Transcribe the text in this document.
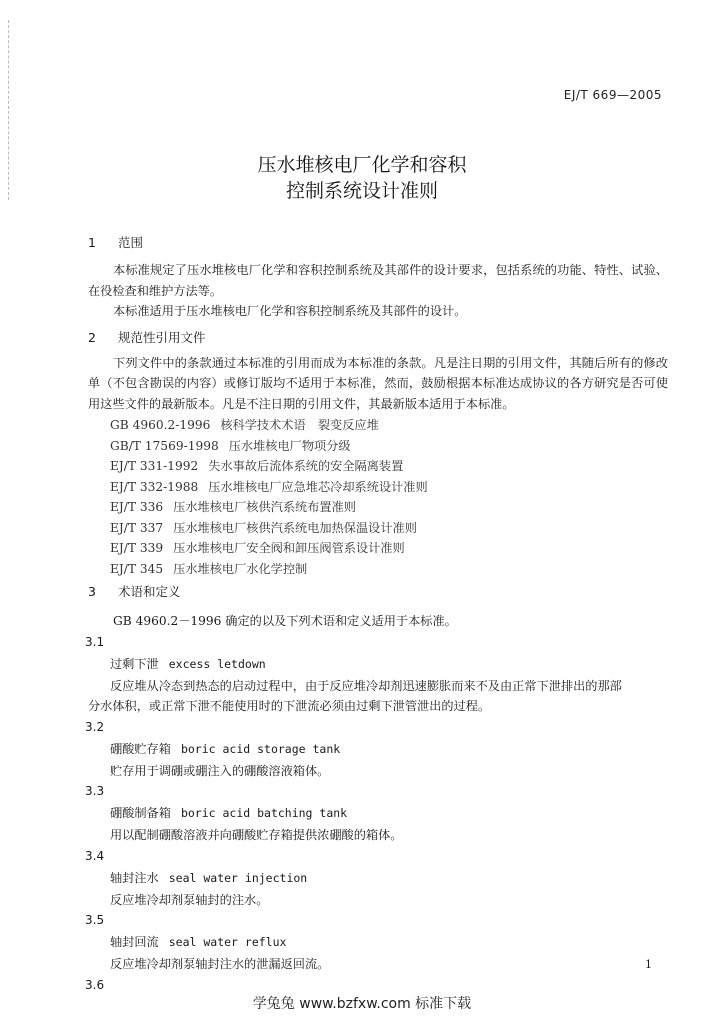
EJ/T 669—2005
压水堆核电厂化学和容积
控制系统设计准则

1 范围

本标准规定了压水堆核电厂化学和容积控制系统及其部件的设计要求，包括系统的功能、特性、试验、在役检查和维护方法等。

本标准适用于压水堆核电厂化学和容积控制系统及其部件的设计。

2 规范性引用文件

下列文件中的条款通过本标准的引用而成为本标准的条款。凡是注日期的引用文件，其随后所有的修改单（不包含勘误的内容）或修订版均不适用于本标准，然而，鼓励根据本标准达成协议的各方研究是否可使用这些文件的最新版本。凡是不注日期的引用文件，其最新版本适用于本标准。

GB 4960.2-1996 核科学技术术语　裂变反应堆

GB/T 17569-1998 压水堆核电厂物项分级

EJ/T 331-1992 失水事故后流体系统的安全隔离装置

EJ/T 332-1988 压水堆核电厂应急堆芯冷却系统设计准则

EJ/T 336 压水堆核电厂核供汽系统布置准则

EJ/T 337 压水堆核电厂核供汽系统电加热保温设计准则

EJ/T 339 压水堆核电厂安全阀和卸压阀管系设计准则

EJ/T 345 压水堆核电厂水化学控制

3 术语和定义

GB 4960.2－1996 确定的以及下列术语和定义适用于本标准。

3.1

过剩下泄 excess letdown

反应堆从冷态到热态的启动过程中，由于反应堆冷却剂迅速膨胀而来不及由正常下泄排出的那部

分水体积，或正常下泄不能使用时的下泄流必须由过剩下泄管泄出的过程。

3.2

硼酸贮存箱 boric acid storage tank

贮存用于调硼或硼注入的硼酸溶液箱体。

3.3

硼酸制备箱 boric acid batching tank

用以配制硼酸溶液并向硼酸贮存箱提供浓硼酸的箱体。

3.4

轴封注水 seal water injection

反应堆冷却剂泵轴封的注水。

3.5

轴封回流 seal water reflux

反应堆冷却剂泵轴封注水的泄漏返回流。

3.6

1
学兔兔 www.bzfxw.com 标准下载
